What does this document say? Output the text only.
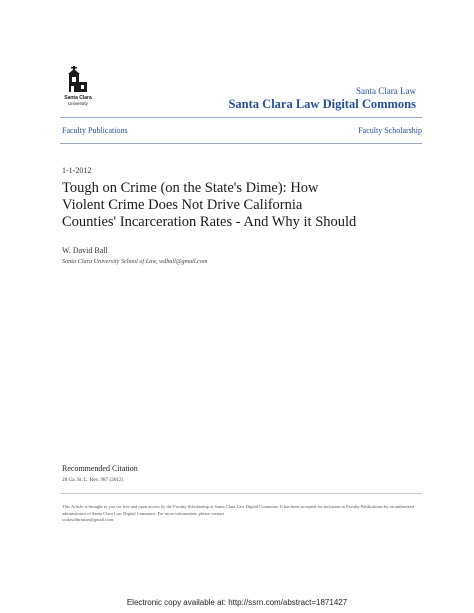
Santa Clara
University
Santa Clara Law
Santa Clara Law Digital Commons
Faculty Publications	Faculty Scholarship
1-1-2012
Tough on Crime (on the State's Dime): How
Violent Crime Does Not Drive California
Counties' Incarceration Rates - And Why it Should
W. David Ball
Santa Clara University School of Law, wdball@gmail.com
Recommended Citation
28 Ga. St. L. Rev. 987 (2012)

This Article is brought to you for free and open access by the Faculty Scholarship at Santa Clara Law Digital Commons. It has been accepted for inclusion in Faculty Publications by an authorized administrator of Santa Clara Law Digital Commons. For more information, please contact
sculawlibrarian@gmail.com.

Electronic copy available at: http://ssrn.com/abstract=1871427
